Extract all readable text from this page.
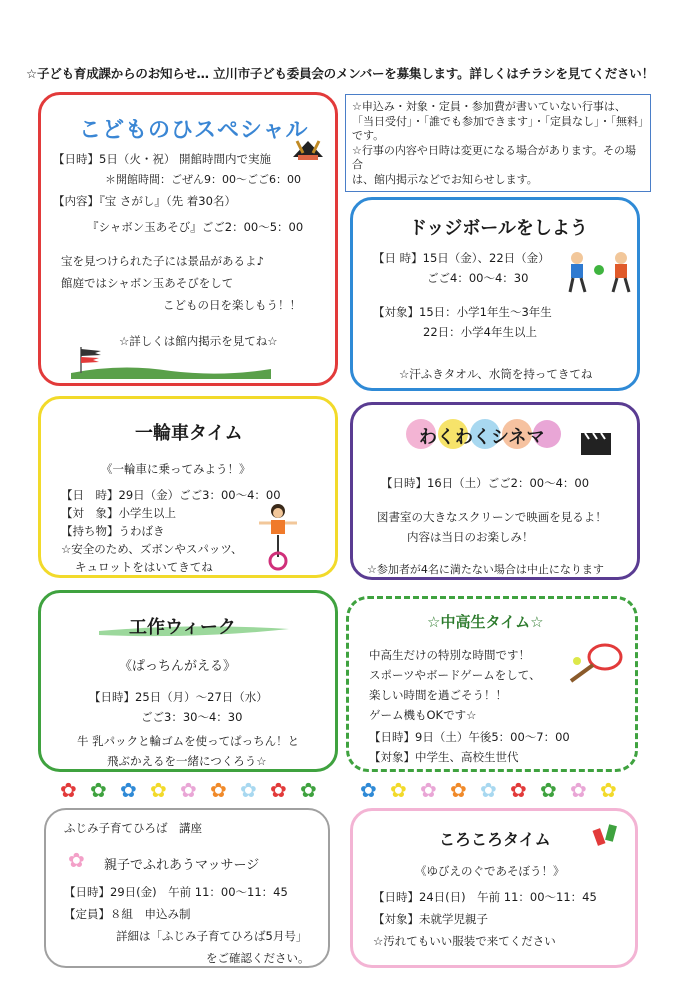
☆子ども育成課からのお知らせ… 立川市子ども委員会のメンバーを募集します。詳しくはチラシを見てください！
☆申込み・対象・定員・参加費が書いていない行事は、
「当日受付」・「誰でも参加できます」・「定員なし」・「無料」
です。
☆行事の内容や日時は変更になる場合があります。その場合
は、館内掲示などでお知らせします。
こどものひスペシャル
【日時】5日（火・祝） 開館時間内で実施
＊開館時間：ごぜん9：00～ごご6：00
【内容】『宝 さがし』（先 着30名）
『シャボン玉あそび』ごご2：00～5：00
宝を見つけられた子には景品があるよ♪
館庭ではシャボン玉あそびをして
こどもの日を楽しもう！！
☆詳しくは館内掲示を見てね☆
ドッジボールをしよう
【日 時】15日（金）、22日（金）
ごご4：00～4：30
【対象】15日：小学1年生～3年生
22日：小学4年生以上
☆汗ふきタオル、水筒を持ってきてね
一輪車タイム
《一輪車に乗ってみよう！》
【日　時】29日（金）ごご3：00～4：00
【対　象】小学生以上
【持ち物】うわばき
☆安全のため、ズボンやスパッツ、
キュロットをはいてきてね
わくわくシネマ
【日時】16日（土）ごご2：00～4：00
図書室の大きなスクリーンで映画を見るよ！
内容は当日のお楽しみ！
☆参加者が4名に満たない場合は中止になります
工作ウィーク
《ぱっちんがえる》
【日時】25日（月）～27日（水）
ごご3：30～4：30
牛 乳パックと輪ゴムを使ってぱっちん！と
飛ぶかえるを一緒につくろう☆
☆中高生タイム☆
中高生だけの特別な時間です！
スポーツやボードゲームをして、
楽しい時間を過ごそう！！
ゲーム機もOKです☆
【日時】9日（土）午後5：00～7：00
【対象】中学生、高校生世代
✿ ✿ ✿ ✿ ✿ ✿ ✿ ✿ ✿ ✿ ✿ ✿ ✿ ✿ ✿ ✿ ✿ ✿
ふじみ子育てひろば　講座
✿ 親子でふれあうマッサージ
【日時】29日(金)　午前 11：00～11：45
【定員】８組　申込み制
詳細は「ふじみ子育てひろば5月号」
をご確認ください。
ころころタイム
《ゆびえのぐであそぼう！》
【日時】24日(日)　午前 11：00～11：45
【対象】未就学児親子
☆汚れてもいい服装で来てください
